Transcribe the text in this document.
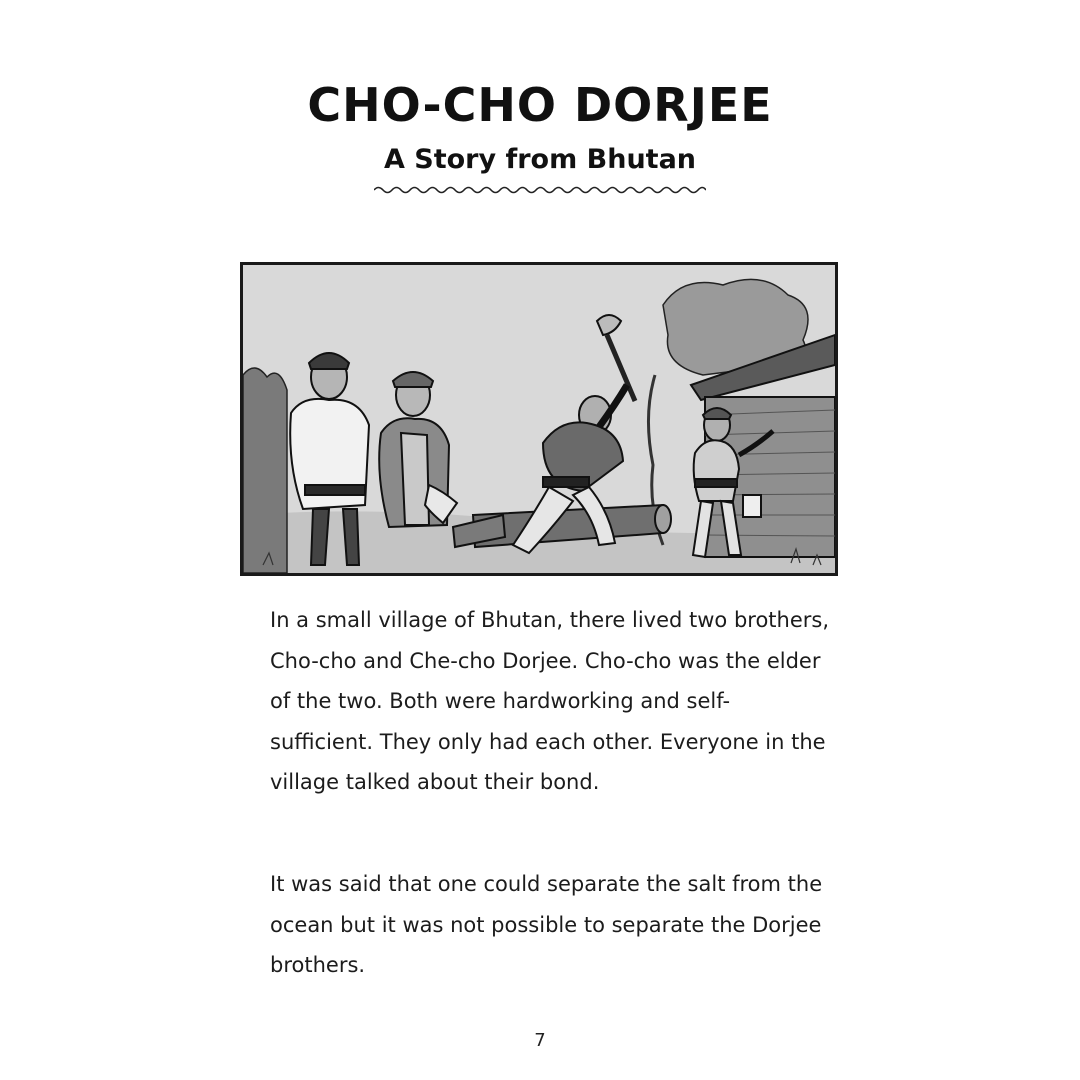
CHO-CHO DORJEE
A Story from Bhutan

In a small village of Bhutan, there lived two brothers, Cho-cho and Che-cho Dorjee. Cho-cho was the elder of the two. Both were hardworking and self-sufficient. They only had each other. Everyone in the village talked about their bond.

It was said that one could separate the salt from the ocean but it was not possible to separate the Dorjee brothers.

7
